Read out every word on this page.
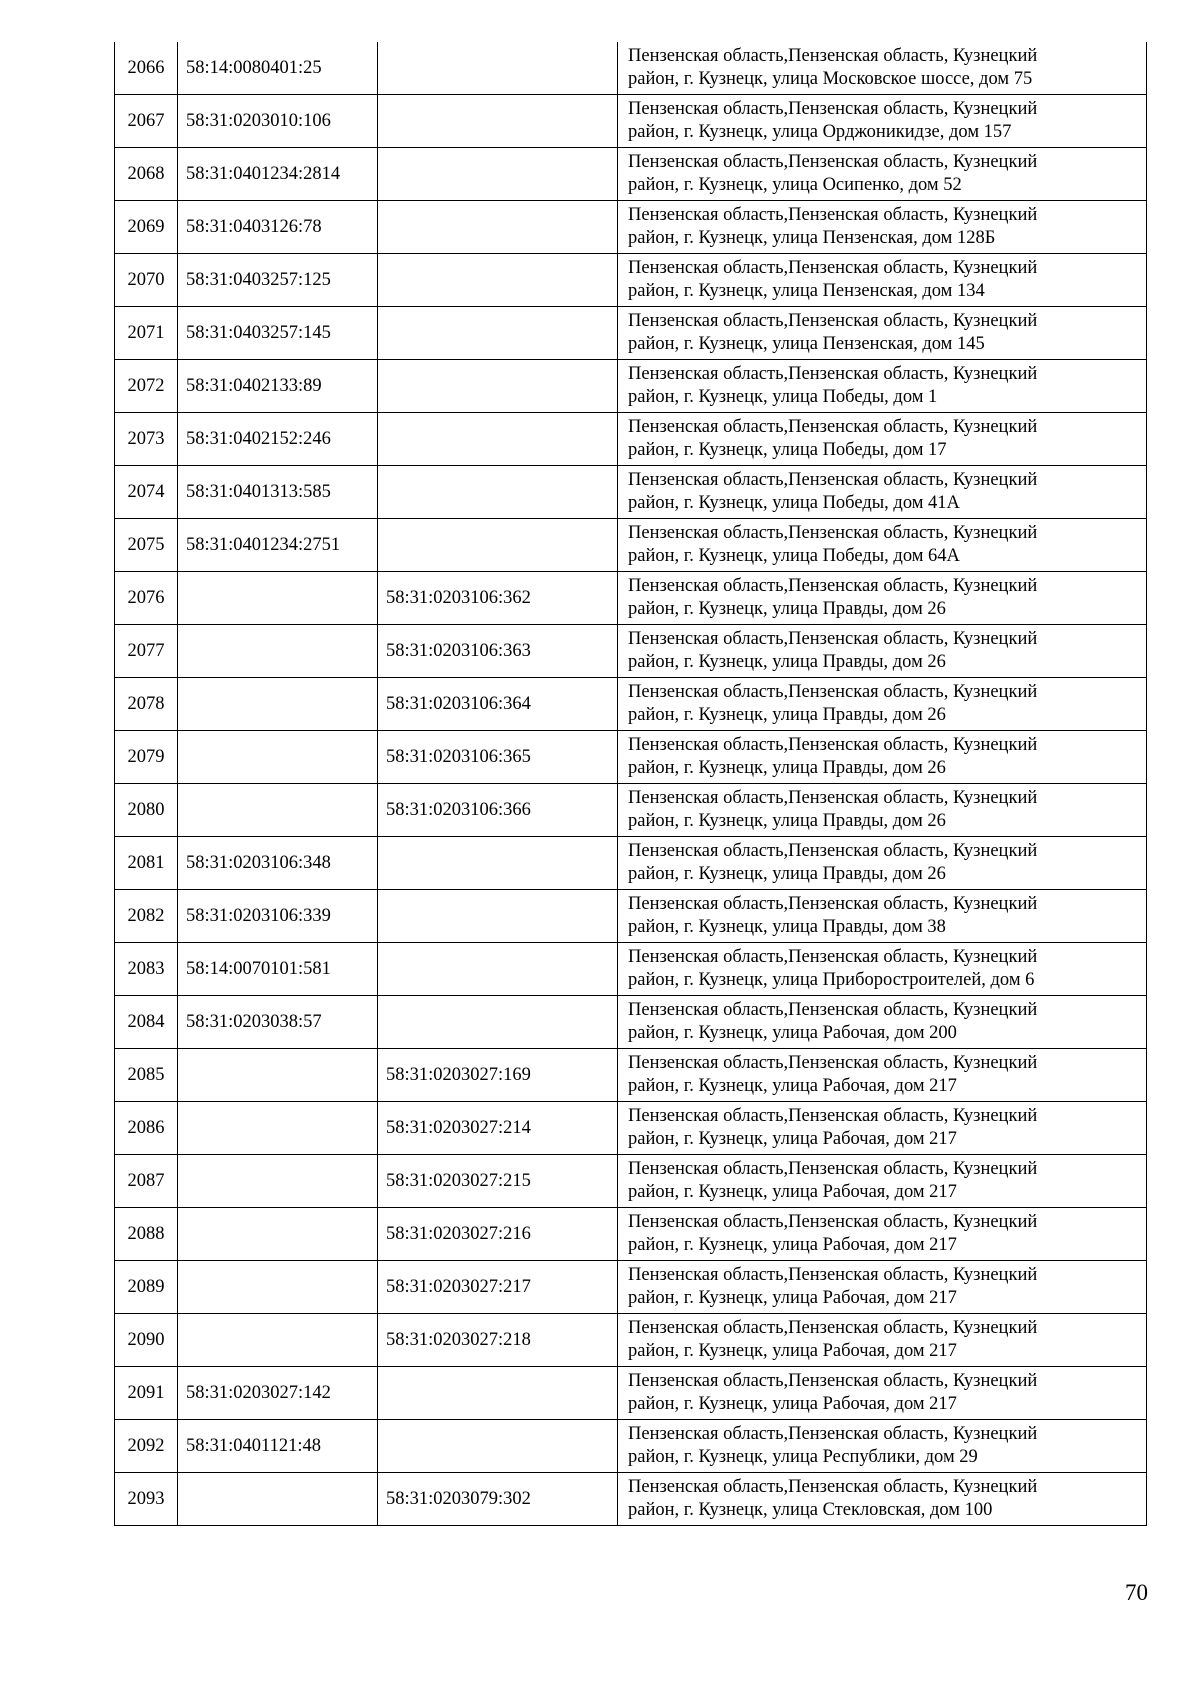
2066	58:14:0080401:25		Пензенская область,Пензенская область, Кузнецкий
район, г. Кузнецк, улица Московское шоссе, дом 75

2067	58:31:0203010:106		Пензенская область,Пензенская область, Кузнецкий
район, г. Кузнецк, улица Орджоникидзе, дом 157

2068	58:31:0401234:2814		Пензенская область,Пензенская область, Кузнецкий
район, г. Кузнецк, улица Осипенко, дом 52

2069	58:31:0403126:78		Пензенская область,Пензенская область, Кузнецкий
район, г. Кузнецк, улица Пензенская, дом 128Б

2070	58:31:0403257:125		Пензенская область,Пензенская область, Кузнецкий
район, г. Кузнецк, улица Пензенская, дом 134

2071	58:31:0403257:145		Пензенская область,Пензенская область, Кузнецкий
район, г. Кузнецк, улица Пензенская, дом 145

2072	58:31:0402133:89		Пензенская область,Пензенская область, Кузнецкий
район, г. Кузнецк, улица Победы, дом 1

2073	58:31:0402152:246		Пензенская область,Пензенская область, Кузнецкий
район, г. Кузнецк, улица Победы, дом 17

2074	58:31:0401313:585		Пензенская область,Пензенская область, Кузнецкий
район, г. Кузнецк, улица Победы, дом 41А

2075	58:31:0401234:2751		Пензенская область,Пензенская область, Кузнецкий
район, г. Кузнецк, улица Победы, дом 64А

2076		58:31:0203106:362	Пензенская область,Пензенская область, Кузнецкий
район, г. Кузнецк, улица Правды, дом 26

2077		58:31:0203106:363	Пензенская область,Пензенская область, Кузнецкий
район, г. Кузнецк, улица Правды, дом 26

2078		58:31:0203106:364	Пензенская область,Пензенская область, Кузнецкий
район, г. Кузнецк, улица Правды, дом 26

2079		58:31:0203106:365	Пензенская область,Пензенская область, Кузнецкий
район, г. Кузнецк, улица Правды, дом 26

2080		58:31:0203106:366	Пензенская область,Пензенская область, Кузнецкий
район, г. Кузнецк, улица Правды, дом 26

2081	58:31:0203106:348		Пензенская область,Пензенская область, Кузнецкий
район, г. Кузнецк, улица Правды, дом 26

2082	58:31:0203106:339		Пензенская область,Пензенская область, Кузнецкий
район, г. Кузнецк, улица Правды, дом 38

2083	58:14:0070101:581		Пензенская область,Пензенская область, Кузнецкий
район, г. Кузнецк, улица Приборостроителей, дом 6

2084	58:31:0203038:57		Пензенская область,Пензенская область, Кузнецкий
район, г. Кузнецк, улица Рабочая, дом 200

2085		58:31:0203027:169	Пензенская область,Пензенская область, Кузнецкий
район, г. Кузнецк, улица Рабочая, дом 217

2086		58:31:0203027:214	Пензенская область,Пензенская область, Кузнецкий
район, г. Кузнецк, улица Рабочая, дом 217

2087		58:31:0203027:215	Пензенская область,Пензенская область, Кузнецкий
район, г. Кузнецк, улица Рабочая, дом 217

2088		58:31:0203027:216	Пензенская область,Пензенская область, Кузнецкий
район, г. Кузнецк, улица Рабочая, дом 217

2089		58:31:0203027:217	Пензенская область,Пензенская область, Кузнецкий
район, г. Кузнецк, улица Рабочая, дом 217

2090		58:31:0203027:218	Пензенская область,Пензенская область, Кузнецкий
район, г. Кузнецк, улица Рабочая, дом 217

2091	58:31:0203027:142		Пензенская область,Пензенская область, Кузнецкий
район, г. Кузнецк, улица Рабочая, дом 217

2092	58:31:0401121:48		Пензенская область,Пензенская область, Кузнецкий
район, г. Кузнецк, улица Республики, дом 29

2093		58:31:0203079:302	Пензенская область,Пензенская область, Кузнецкий
район, г. Кузнецк, улица Стекловская, дом 100
70
